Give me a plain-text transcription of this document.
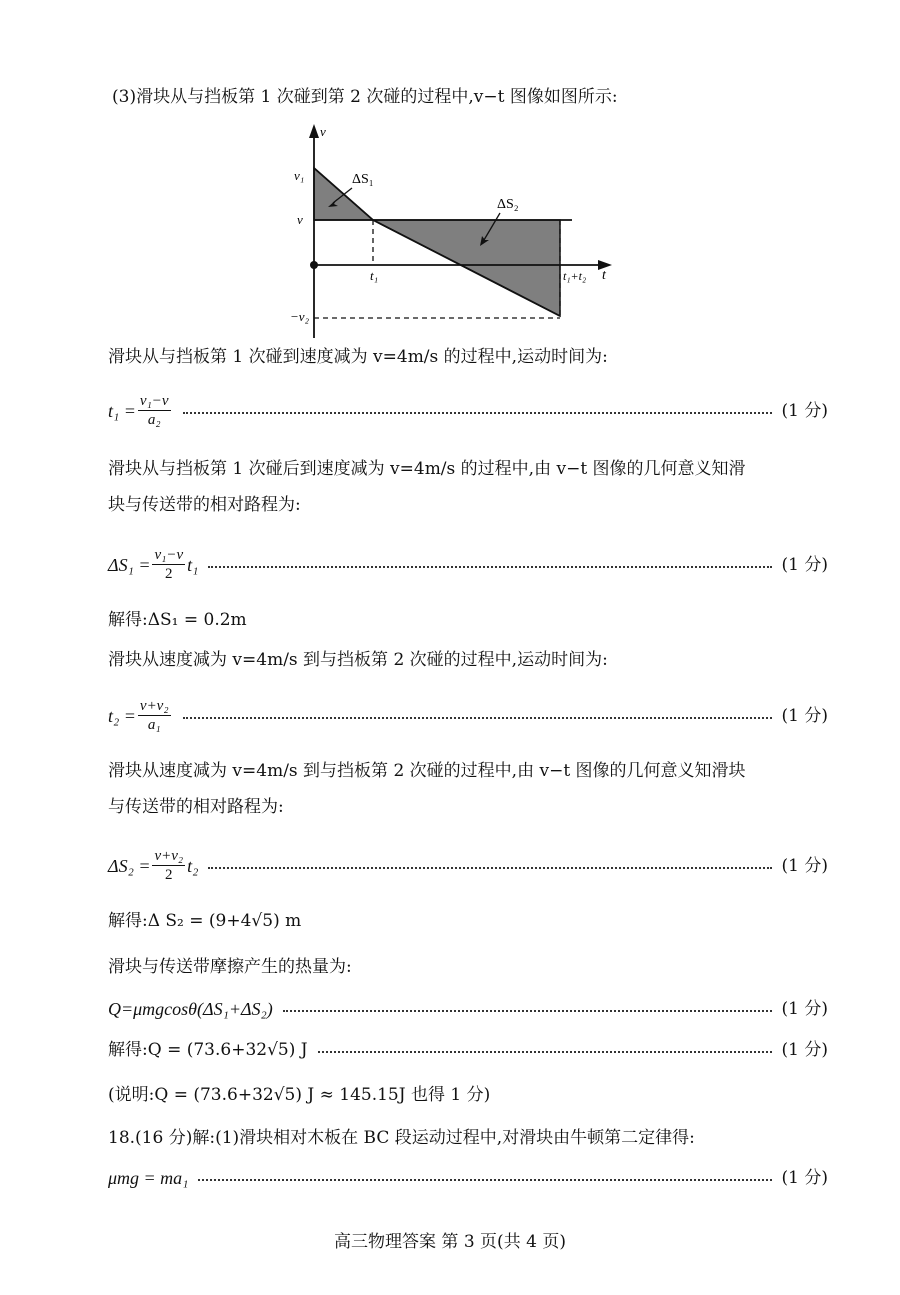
(3)滑块从与挡板第 1 次碰到第 2 次碰的过程中,v−t 图像如图所示:
v
t
v₁
v
−v₂
t₁	t₁+t₂
ΔS₁
ΔS₂
滑块从与挡板第 1 次碰到速度减为 v=4m/s 的过程中,运动时间为:
$t_1 = \frac{\text{v₁−v}}{\text{a₂}}$	(1 分)
滑块从与挡板第 1 次碰后到速度减为 v=4m/s 的过程中,由 v−t 图像的几何意义知滑
块与传送带的相对路程为:
$\Delta S_1 = \frac{\text{v₁−v}}{2} t_1$	(1 分)
解得:ΔS₁ = 0.2m
滑块从速度减为 v=4m/s 到与挡板第 2 次碰的过程中,运动时间为:
$t_2 = \frac{\text{v+v₂}}{\text{a₁}}$	(1 分)
滑块从速度减为 v=4m/s 到与挡板第 2 次碰的过程中,由 v−t 图像的几何意义知滑块
与传送带的相对路程为:
$\Delta S_2 = \frac{\text{v+v₂}}{2} t_2$	(1 分)
解得:Δ S₂ = (9+4√5) m
滑块与传送带摩擦产生的热量为:
Q=μmgcosθ(ΔS₁+ΔS₂)	(1 分)
解得:Q = (73.6+32√5) J	(1 分)
(说明:Q = (73.6+32√5) J ≈ 145.15J 也得 1 分)
18.(16 分)解:(1)滑块相对木板在 BC 段运动过程中,对滑块由牛顿第二定律得:
μmg = ma₁	(1 分)
高三物理答案 第 3 页(共 4 页)
